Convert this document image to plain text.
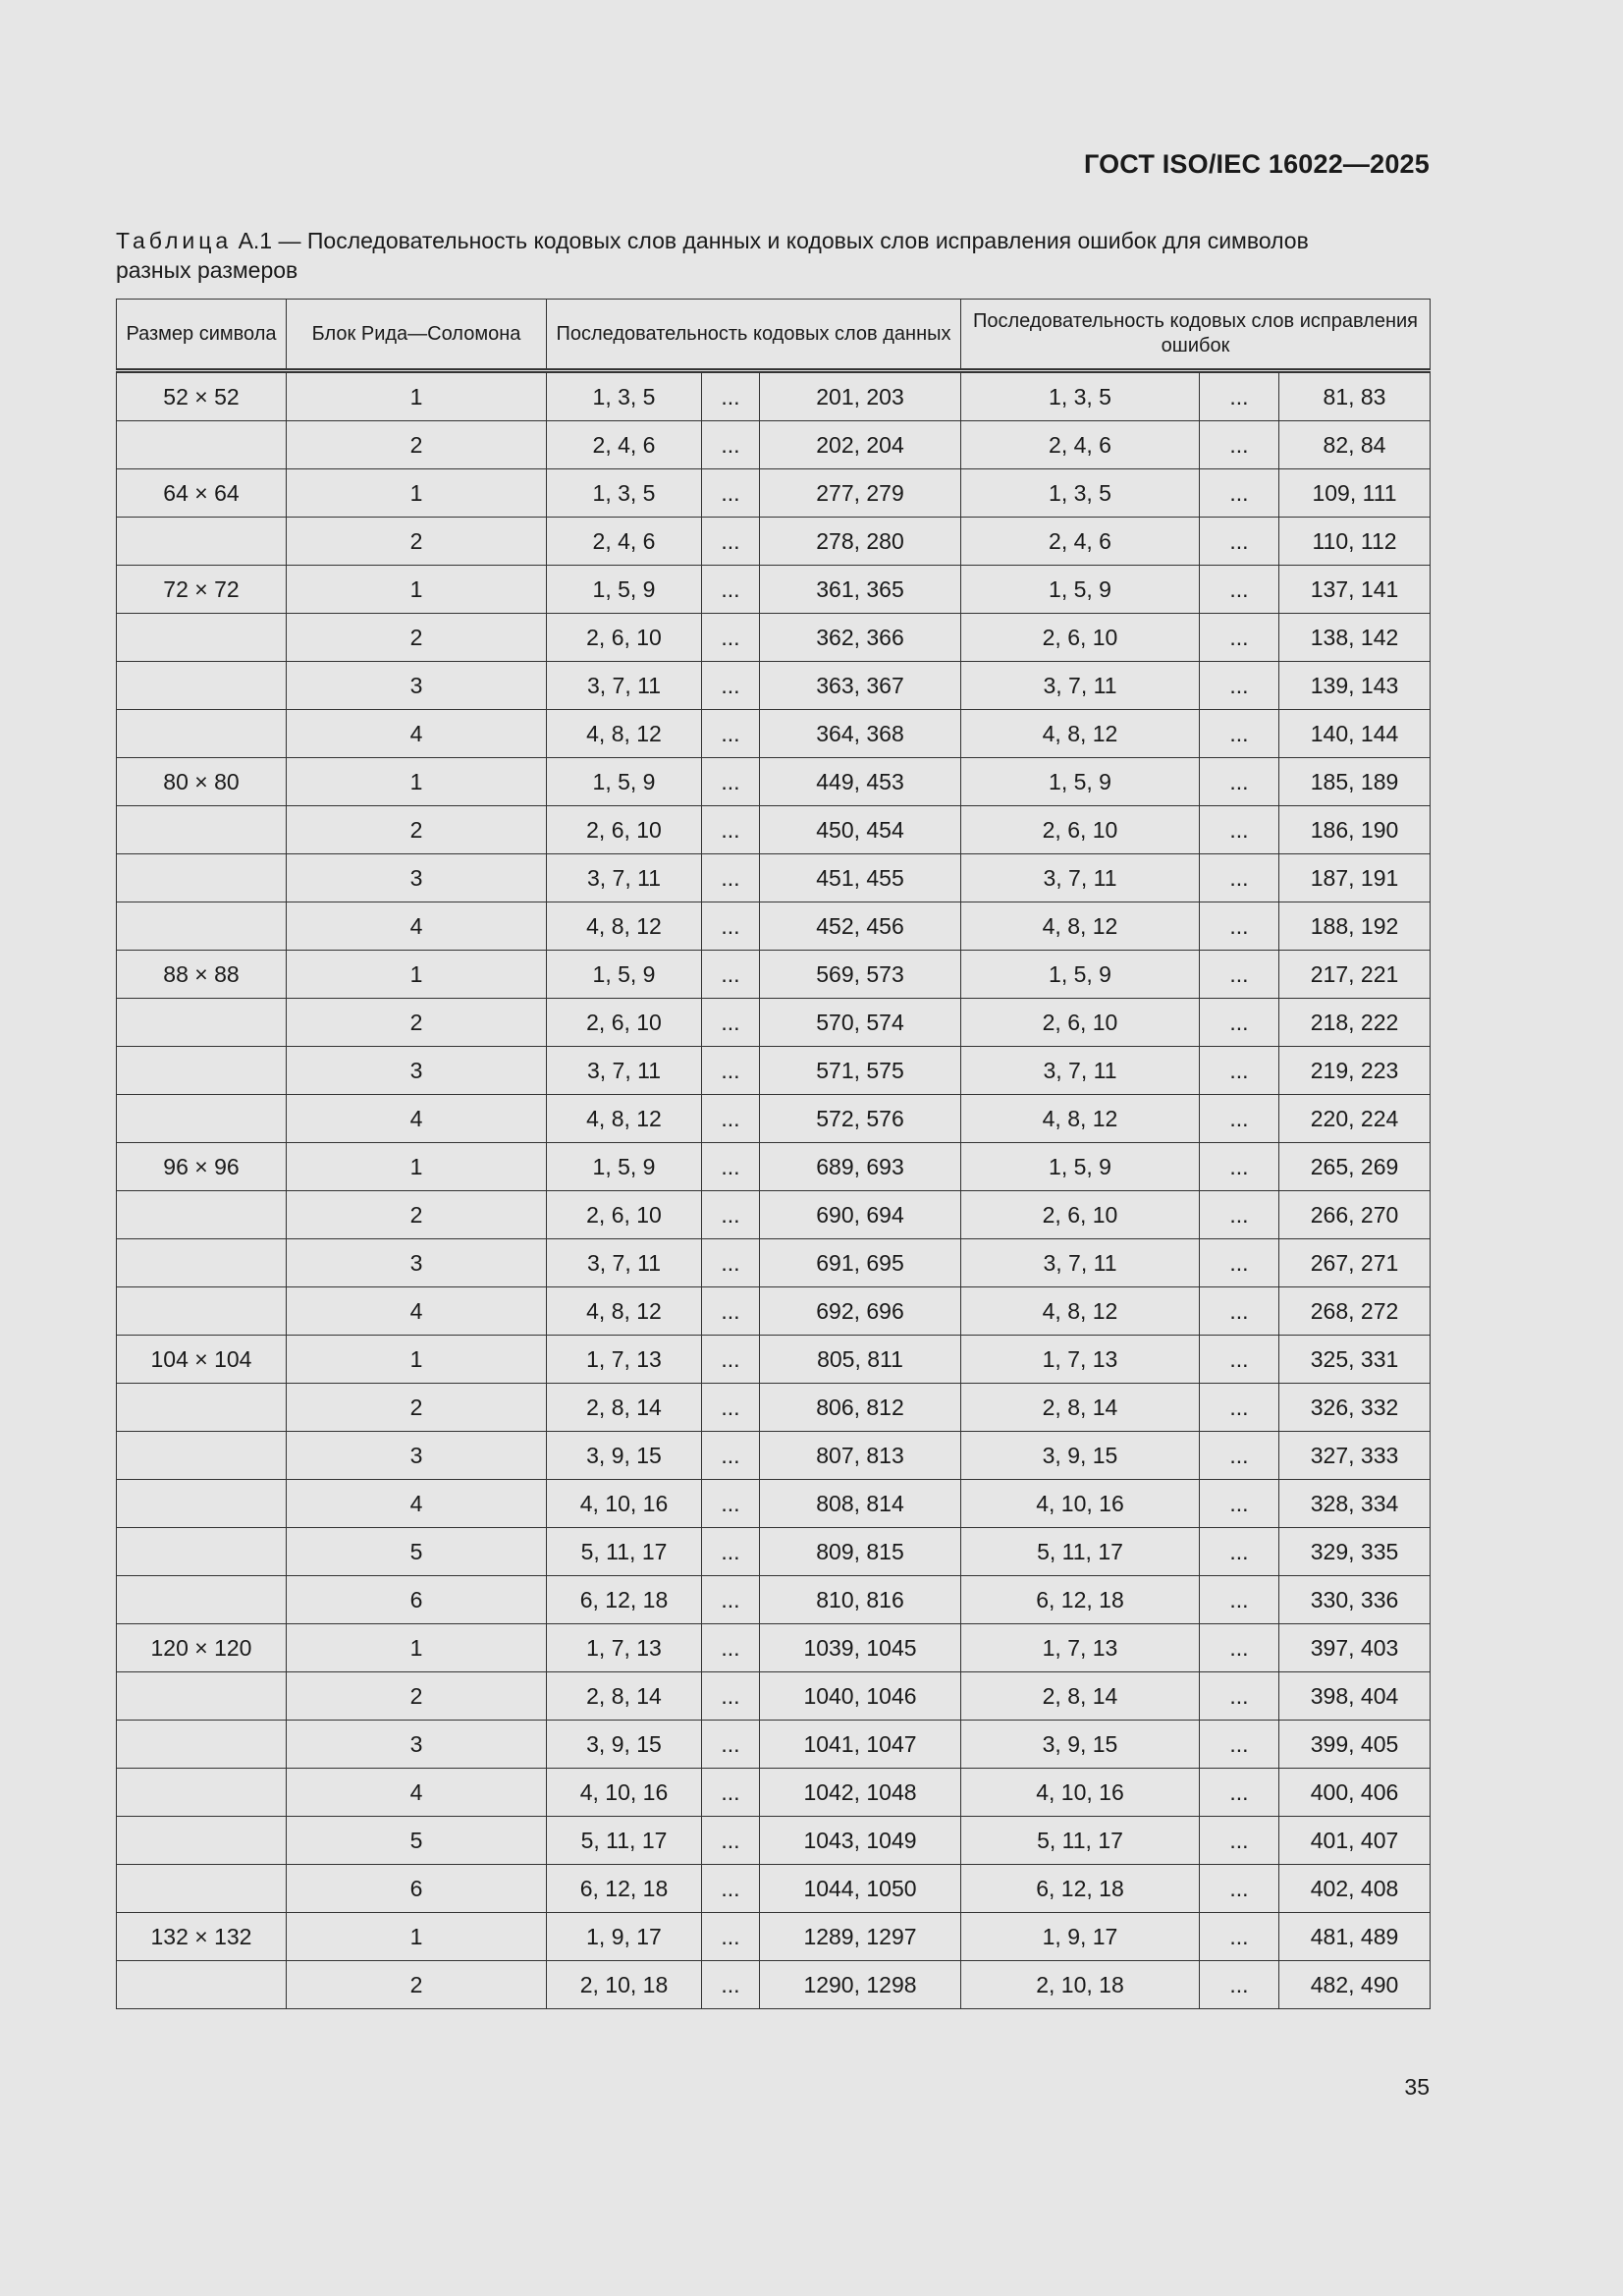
ГОСТ ISO/IEC 16022—2025
Таблица A.1 — Последовательность кодовых слов данных и кодовых слов исправления ошибок для символов
разных размеров
Размер символа	Блок Рида—Соломона	Последовательность кодовых слов данных			Последовательность кодовых слов исправления ошибок		
52 × 52	1	1, 3, 5	...	201, 203	1, 3, 5	...	81, 83
	2	2, 4, 6	...	202, 204	2, 4, 6	...	82, 84
64 × 64	1	1, 3, 5	...	277, 279	1, 3, 5	...	109, 111
	2	2, 4, 6	...	278, 280	2, 4, 6	...	110, 112
72 × 72	1	1, 5, 9	...	361, 365	1, 5, 9	...	137, 141
	2	2, 6, 10	...	362, 366	2, 6, 10	...	138, 142
	3	3, 7, 11	...	363, 367	3, 7, 11	...	139, 143
	4	4, 8, 12	...	364, 368	4, 8, 12	...	140, 144
80 × 80	1	1, 5, 9	...	449, 453	1, 5, 9	...	185, 189
	2	2, 6, 10	...	450, 454	2, 6, 10	...	186, 190
	3	3, 7, 11	...	451, 455	3, 7, 11	...	187, 191
	4	4, 8, 12	...	452, 456	4, 8, 12	...	188, 192
88 × 88	1	1, 5, 9	...	569, 573	1, 5, 9	...	217, 221
	2	2, 6, 10	...	570, 574	2, 6, 10	...	218, 222
	3	3, 7, 11	...	571, 575	3, 7, 11	...	219, 223
	4	4, 8, 12	...	572, 576	4, 8, 12	...	220, 224
96 × 96	1	1, 5, 9	...	689, 693	1, 5, 9	...	265, 269
	2	2, 6, 10	...	690, 694	2, 6, 10	...	266, 270
	3	3, 7, 11	...	691, 695	3, 7, 11	...	267, 271
	4	4, 8, 12	...	692, 696	4, 8, 12	...	268, 272
104 × 104	1	1, 7, 13	...	805, 811	1, 7, 13	...	325, 331
	2	2, 8, 14	...	806, 812	2, 8, 14	...	326, 332
	3	3, 9, 15	...	807, 813	3, 9, 15	...	327, 333
	4	4, 10, 16	...	808, 814	4, 10, 16	...	328, 334
	5	5, 11, 17	...	809, 815	5, 11, 17	...	329, 335
	6	6, 12, 18	...	810, 816	6, 12, 18	...	330, 336
120 × 120	1	1, 7, 13	...	1039, 1045	1, 7, 13	...	397, 403
	2	2, 8, 14	...	1040, 1046	2, 8, 14	...	398, 404
	3	3, 9, 15	...	1041, 1047	3, 9, 15	...	399, 405
	4	4, 10, 16	...	1042, 1048	4, 10, 16	...	400, 406
	5	5, 11, 17	...	1043, 1049	5, 11, 17	...	401, 407
	6	6, 12, 18	...	1044, 1050	6, 12, 18	...	402, 408
132 × 132	1	1, 9, 17	...	1289, 1297	1, 9, 17	...	481, 489
	2	2, 10, 18	...	1290, 1298	2, 10, 18	...	482, 490
35
